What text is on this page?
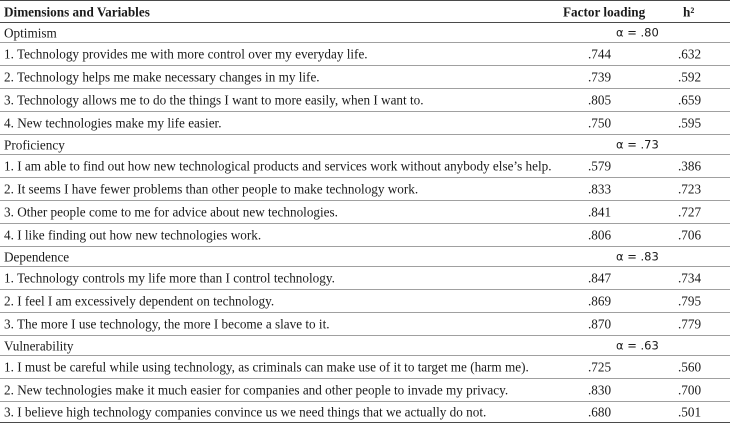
Dimensions and Variables	Factor loading	h²
Optimism	α = .80
1. Technology provides me with more control over my everyday life.	.744	.632
2. Technology helps me make necessary changes in my life.	.739	.592
3. Technology allows me to do the things I want to more easily, when I want to.	.805	.659
4. New technologies make my life easier.	.750	.595
Proficiency	α = .73
1. I am able to find out how new technological products and services work without anybody else’s help.	.579	.386
2. It seems I have fewer problems than other people to make technology work.	.833	.723
3. Other people come to me for advice about new technologies.	.841	.727
4. I like finding out how new technologies work.	.806	.706
Dependence	α = .83
1. Technology controls my life more than I control technology.	.847	.734
2. I feel I am excessively dependent on technology.	.869	.795
3. The more I use technology, the more I become a slave to it.	.870	.779
Vulnerability	α = .63
1. I must be careful while using technology, as criminals can make use of it to target me (harm me).	.725	.560
2. New technologies make it much easier for companies and other people to invade my privacy.	.830	.700
3. I believe high technology companies convince us we need things that we actually do not.	.680	.501
